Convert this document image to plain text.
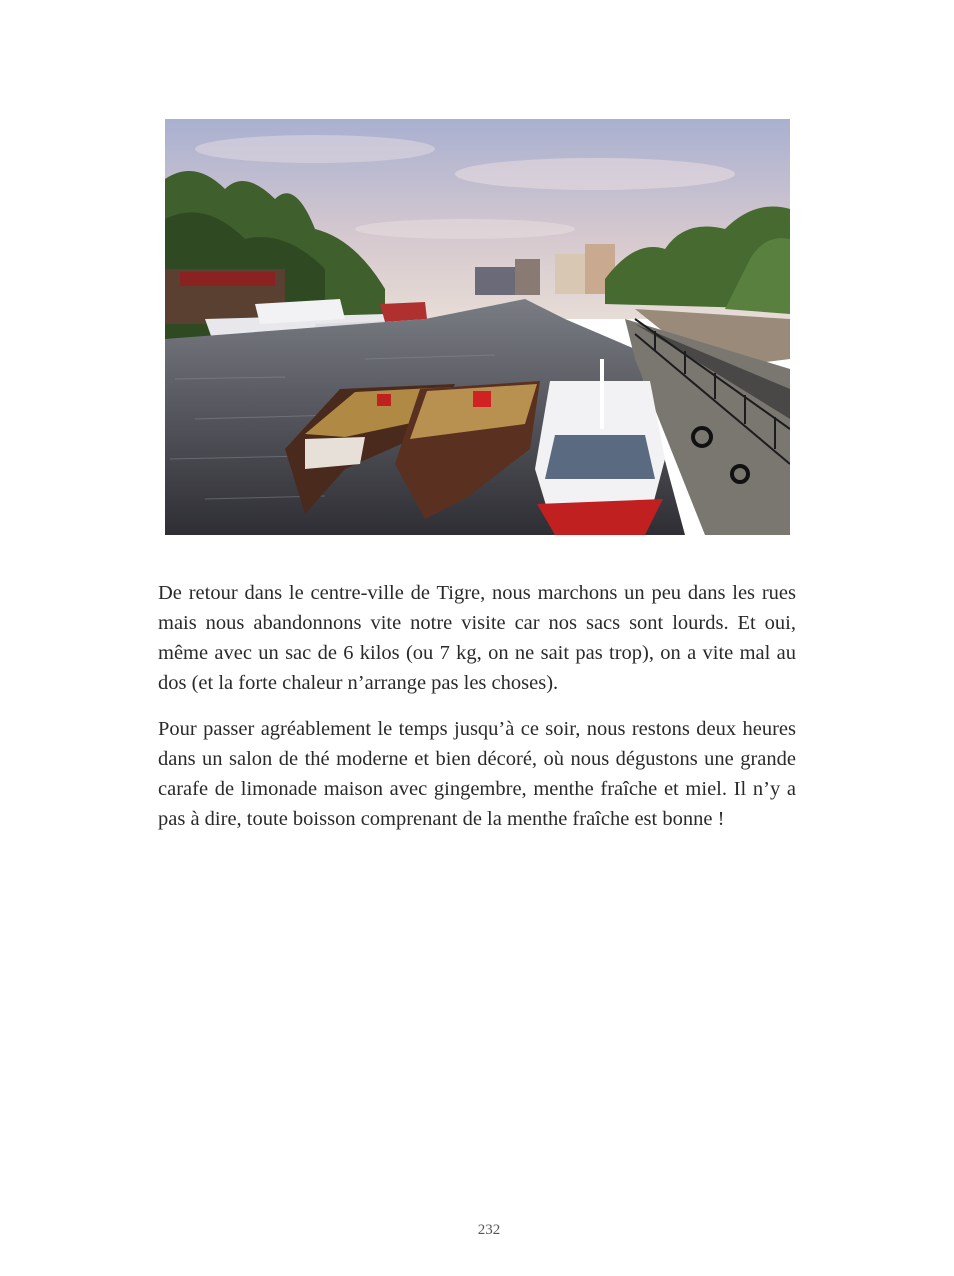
De retour dans le centre-ville de Tigre, nous marchons un peu dans les rues mais nous abandonnons vite notre visite car nos sacs sont lourds. Et oui, même avec un sac de 6 kilos (ou 7 kg, on ne sait pas trop), on a vite mal au dos (et la forte chaleur n’arrange pas les choses).

Pour passer agréablement le temps jusqu’à ce soir, nous restons deux heures dans un salon de thé moderne et bien décoré, où nous dégustons une grande carafe de limonade maison avec gingembre, menthe fraîche et miel. Il n’y a pas à dire, toute boisson comprenant de la menthe fraîche est bonne !

232
